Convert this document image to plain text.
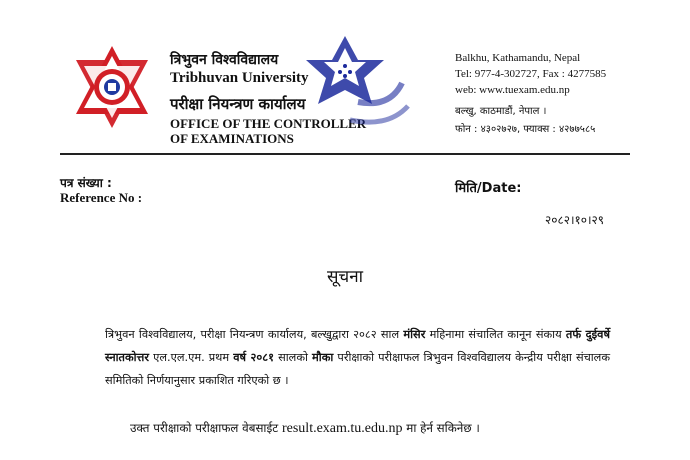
त्रिभुवन विश्वविद्यालय
Tribhuvan University
परीक्षा नियन्त्रण कार्यालय
OFFICE OF THE CONTROLLER
OF EXAMINATIONS
Balkhu, Kathamandu, Nepal
Tel: 977-4-302727, Fax : 4277585
web: www.tuexam.edu.np
बल्खु, काठमाडौं, नेपाल ।
फोन : ४३०२७२७, फ्याक्स : ४२७७५८५
पत्र संख्या :
Reference No :
मिति/Date:
२०८२।१०।२९
सूचना
त्रिभुवन विश्वविद्यालय, परीक्षा नियन्त्रण कार्यालय, बल्खुद्वारा २०८२ साल मंसिर महिनामा संचालित कानून संकाय तर्फ दुईवर्षे स्नातकोत्तर एल.एल.एम. प्रथम वर्ष २०८१ सालको मौका परीक्षाको परीक्षाफल त्रिभुवन विश्वविद्यालय केन्द्रीय परीक्षा संचालक समितिको निर्णयानुसार प्रकाशित गरिएको छ ।
उक्त परीक्षाको परीक्षाफल वेबसाईट result.exam.tu.edu.np मा हेर्न सकिनेछ ।
